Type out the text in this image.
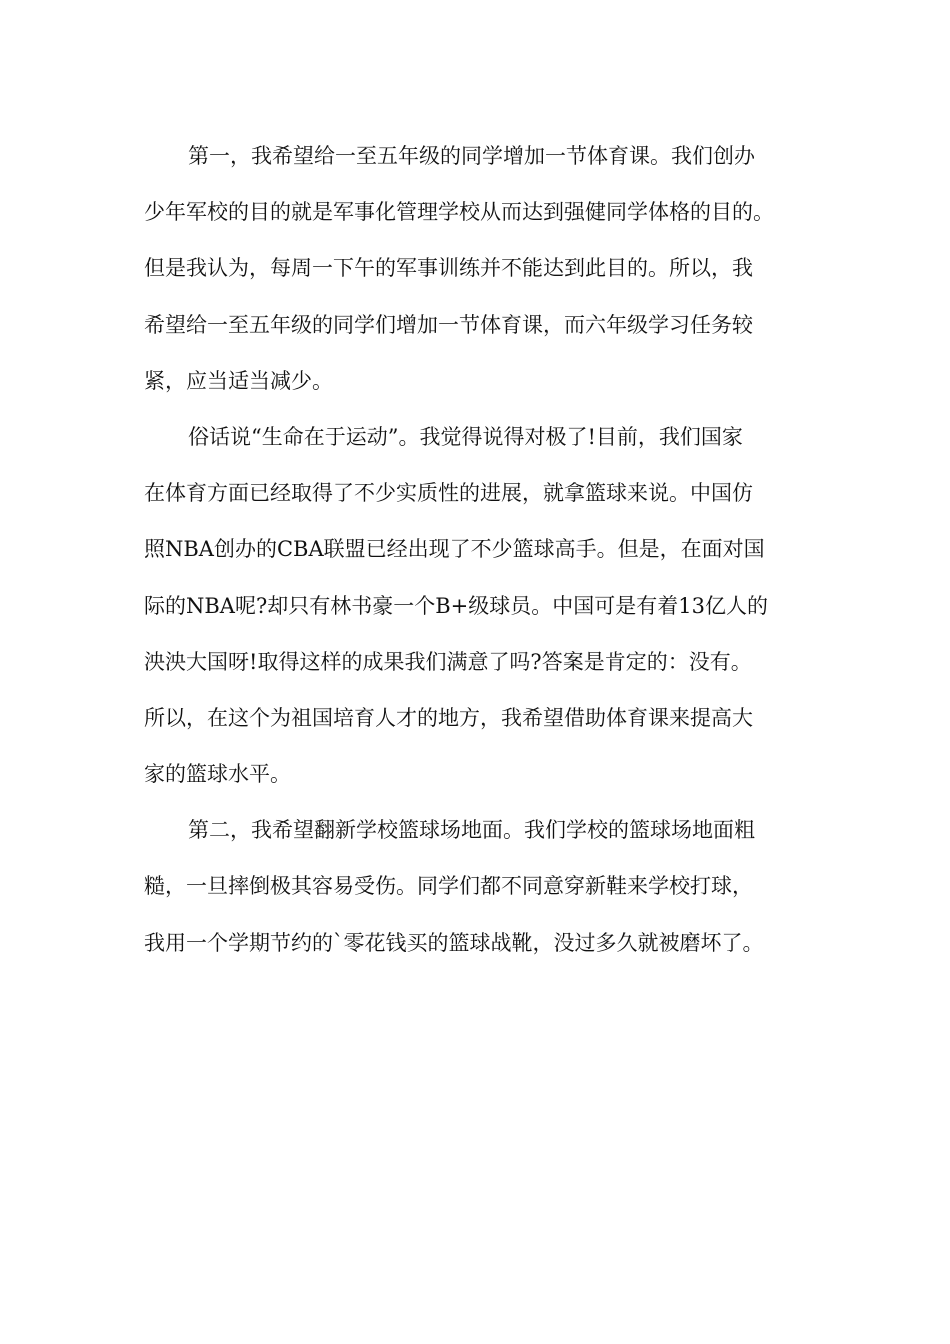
第一，我希望给一至五年级的同学增加一节体育课。我们创办
少年军校的目的就是军事化管理学校从而达到强健同学体格的目的。
但是我认为，每周一下午的军事训练并不能达到此目的。所以，我
希望给一至五年级的同学们增加一节体育课，而六年级学习任务较
紧，应当适当减少。
俗话说“生命在于运动”。我觉得说得对极了!目前，我们国家
在体育方面已经取得了不少实质性的进展，就拿篮球来说。中国仿
照NBA创办的CBA联盟已经出现了不少篮球高手。但是，在面对国
际的NBA呢?却只有林书豪一个B+级球员。中国可是有着13亿人的
泱泱大国呀!取得这样的成果我们满意了吗?答案是肯定的：没有。
所以，在这个为祖国培育人才的地方，我希望借助体育课来提高大
家的篮球水平。
第二，我希望翻新学校篮球场地面。我们学校的篮球场地面粗
糙，一旦摔倒极其容易受伤。同学们都不同意穿新鞋来学校打球，
我用一个学期节约的`零花钱买的篮球战靴，没过多久就被磨坏了。
